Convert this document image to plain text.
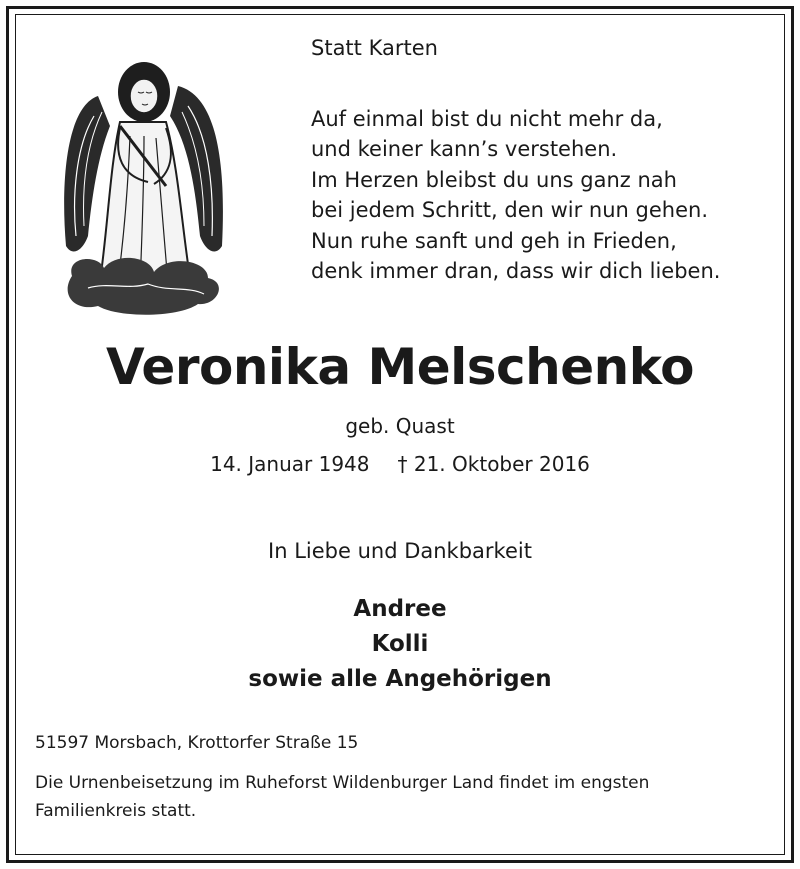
Statt Karten
Auf einmal bist du nicht mehr da,
und keiner kann’s verstehen.
Im Herzen bleibst du uns ganz nah
bei jedem Schritt, den wir nun gehen.
Nun ruhe sanft und geh in Frieden,
denk immer dran, dass wir dich lieben.
Veronika Melschenko
geb. Quast
14. Januar 1948 † 21. Oktober 2016
In Liebe und Dankbarkeit
Andree
Kolli
sowie alle Angehörigen
51597 Morsbach, Krottorfer Straße 15
Die Urnenbeisetzung im Ruheforst Wildenburger Land findet im engsten
Familienkreis statt.
